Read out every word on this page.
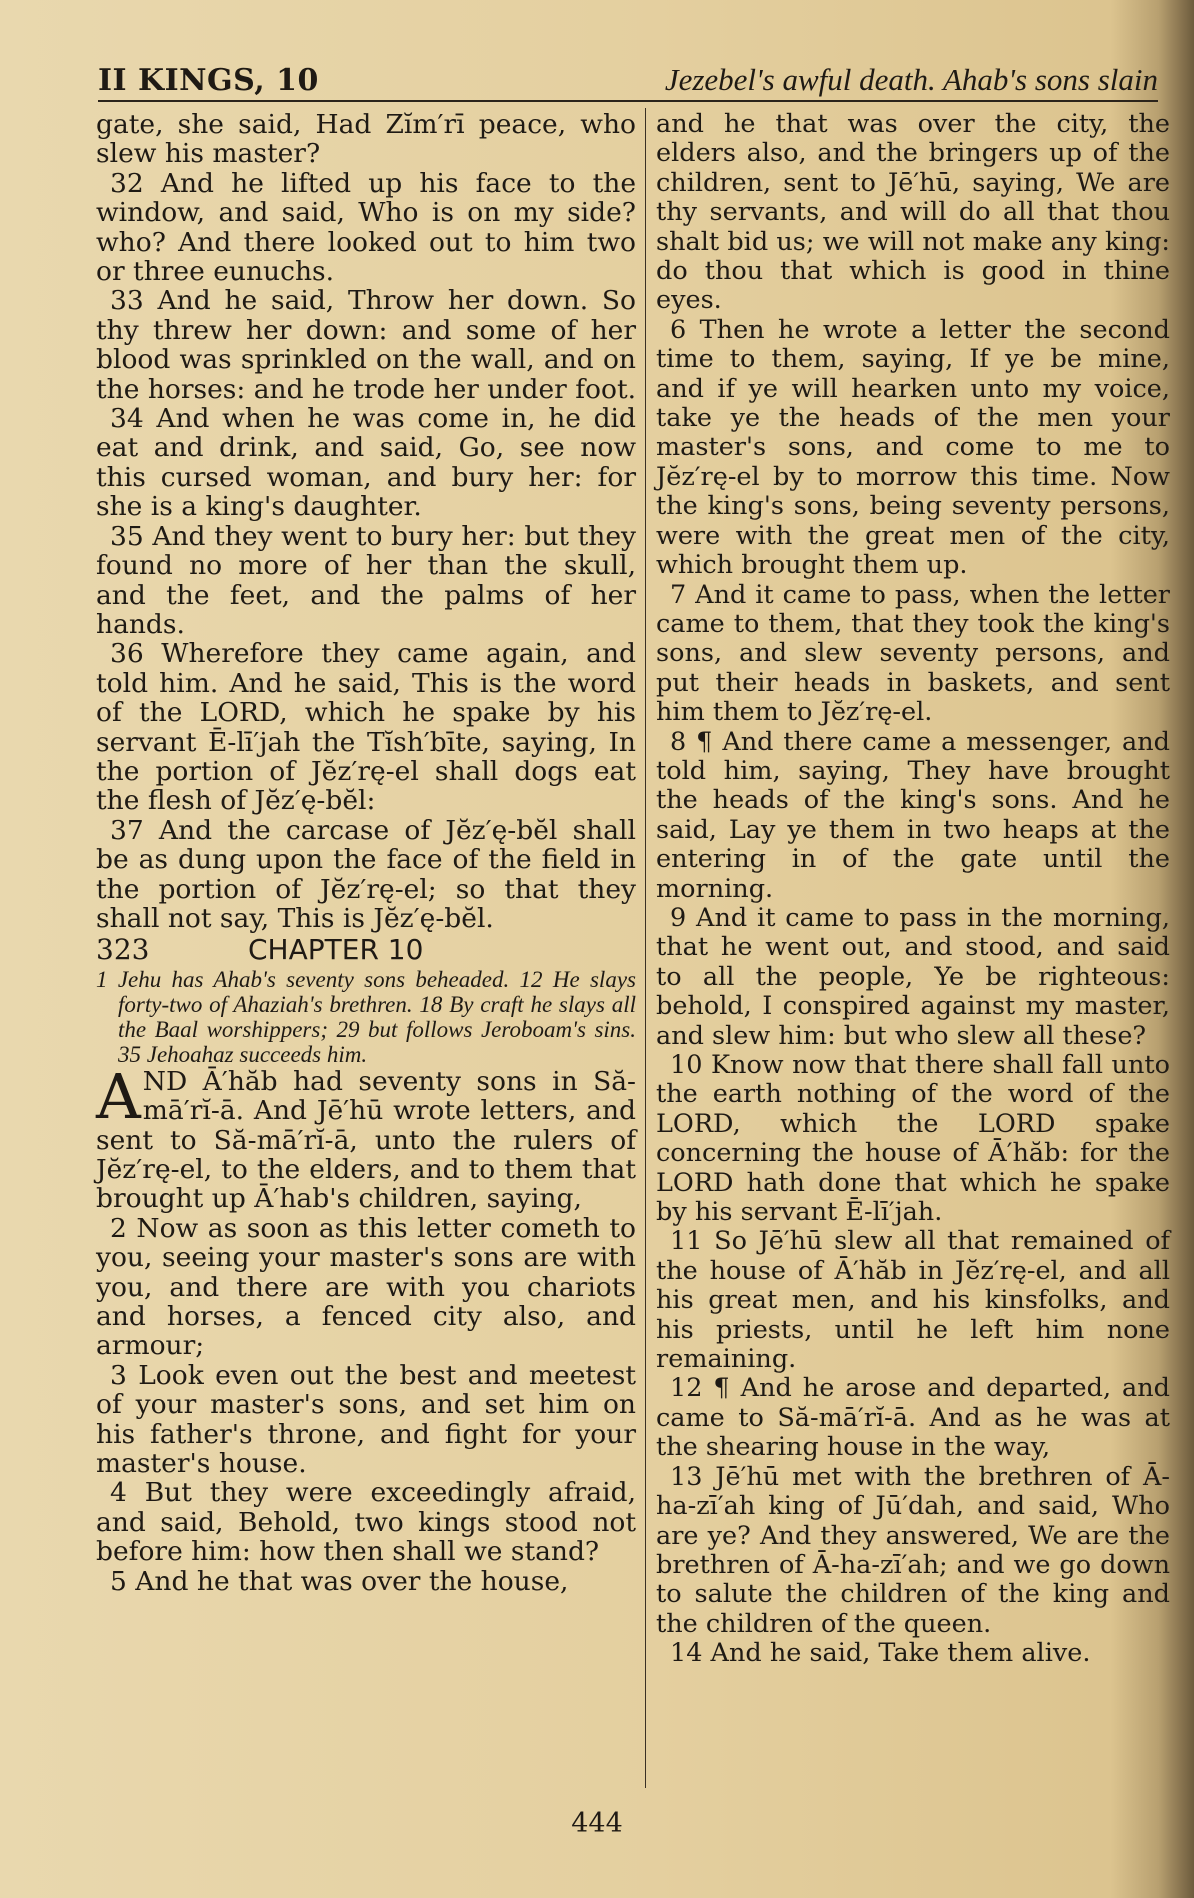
II KINGS, 10	Jezebel's awful death. Ahab's sons slain

gate, she said, Had Zĭm′rī peace, who slew his master?

32 And he lifted up his face to the window, and said, Who is on my side? who? And there looked out to him two or three eunuchs.

33 And he said, Throw her down. So thy threw her down: and some of her blood was sprinkled on the wall, and on the horses: and he trode her under foot.

34 And when he was come in, he did eat and drink, and said, Go, see now this cursed woman, and bury her: for she is a king's daughter.

35 And they went to bury her: but they found no more of her than the skull, and the feet, and the palms of her hands.

36 Wherefore they came again, and told him. And he said, This is the word of the LORD, which he spake by his servant Ē-lī′jah the Tĭsh′bīte, saying, In the portion of Jĕz′rę-el shall dogs eat the flesh of Jĕz′ę-bĕl:

37 And the carcase of Jĕz′ę-bĕl shall be as dung upon the face of the field in the portion of Jĕz′rę-el; so that they shall not say, This is Jĕz′ę-bĕl.

323	CHAPTER 10

1 Jehu has Ahab's seventy sons beheaded. 12 He slays forty-two of Ahaziah's brethren. 18 By craft he slays all the Baal worshippers; 29 but follows Jeroboam's sins. 35 Jehoahaz succeeds him.

A ND Ā′hăb had seventy sons in Să-mā′rĭ-ā. And Jē′hū wrote letters, and sent to Să-mā′rĭ-ā, unto the rulers of Jĕz′rę-el, to the elders, and to them that brought up Ā′hab's children, saying,

2 Now as soon as this letter cometh to you, seeing your master's sons are with you, and there are with you chariots and horses, a fenced city also, and armour;

3 Look even out the best and meetest of your master's sons, and set him on his father's throne, and fight for your master's house.

4 But they were exceedingly afraid, and said, Behold, two kings stood not before him: how then shall we stand?

5 And he that was over the house,

and he that was over the city, the elders also, and the bringers up of the children, sent to Jē′hū, saying, We are thy servants, and will do all that thou shalt bid us; we will not make any king: do thou that which is good in thine eyes.

6 Then he wrote a letter the second time to them, saying, If ye be mine, and if ye will hearken unto my voice, take ye the heads of the men your master's sons, and come to me to Jĕz′rę-el by to morrow this time. Now the king's sons, being seventy persons, were with the great men of the city, which brought them up.

7 And it came to pass, when the letter came to them, that they took the king's sons, and slew seventy persons, and put their heads in baskets, and sent him them to Jĕz′rę-el.

8 ¶ And there came a messenger, and told him, saying, They have brought the heads of the king's sons. And he said, Lay ye them in two heaps at the entering in of the gate until the morning.

9 And it came to pass in the morning, that he went out, and stood, and said to all the people, Ye be righteous: behold, I conspired against my master, and slew him: but who slew all these?

10 Know now that there shall fall unto the earth nothing of the word of the LORD, which the LORD spake concerning the house of Ā′hăb: for the LORD hath done that which he spake by his servant Ē-lī′jah.

11 So Jē′hū slew all that remained of the house of Ā′hăb in Jĕz′rę-el, and all his great men, and his kinsfolks, and his priests, until he left him none remaining.

12 ¶ And he arose and departed, and came to Să-mā′rĭ-ā. And as he was at the shearing house in the way,

13 Jē′hū met with the brethren of Ā-ha-zī′ah king of Jū′dah, and said, Who are ye? And they answered, We are the brethren of Ā-ha-zī′ah; and we go down to salute the children of the king and the children of the queen.

14 And he said, Take them alive.

444
